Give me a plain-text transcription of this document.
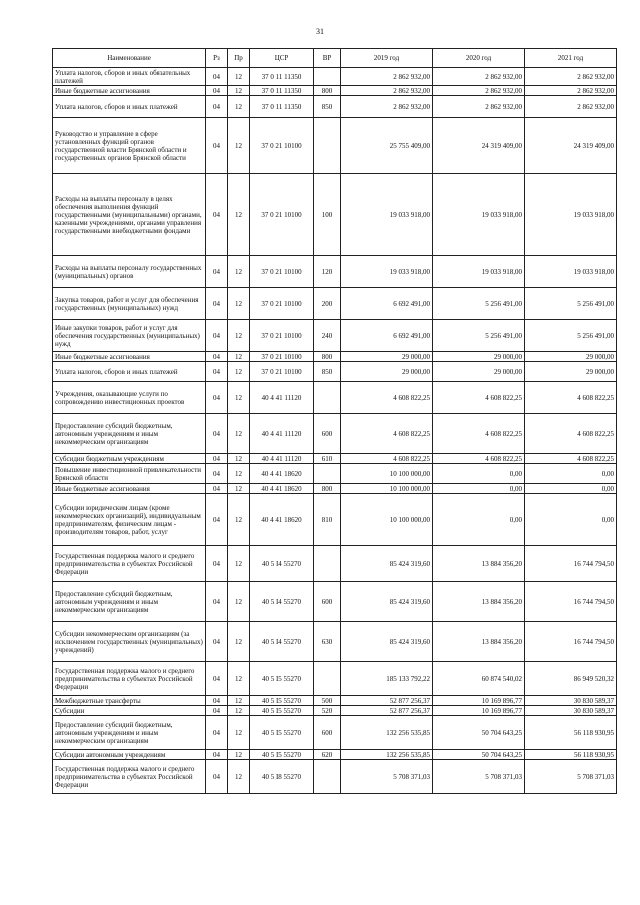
31
Наименование	Рз	Пр	ЦСР	ВР	2019 год	2020 год	2021 год
Уплата налогов, сборов и иных обязательных платежей	04	12	37 0 11 11350		2 862 932,00	2 862 932,00	2 862 932,00
Иные бюджетные ассигнования	04	12	37 0 11 11350	800	2 862 932,00	2 862 932,00	2 862 932,00
Уплата налогов, сборов и иных платежей	04	12	37 0 11 11350	850	2 862 932,00	2 862 932,00	2 862 932,00
Руководство и управление в сфере установленных функций органов государственной власти Брянской области и государственных органов Брянской области	04	12	37 0 21 10100		25 755 409,00	24 319 409,00	24 319 409,00
Расходы на выплаты персоналу в целях обеспечения выполнения функций государственными (муниципальными) органами, казенными учреждениями, органами управления государственными внебюджетными фондами	04	12	37 0 21 10100	100	19 033 918,00	19 033 918,00	19 033 918,00
Расходы на выплаты персоналу государственных (муниципальных) органов	04	12	37 0 21 10100	120	19 033 918,00	19 033 918,00	19 033 918,00
Закупка товаров, работ и услуг для обеспечения государственных (муниципальных) нужд	04	12	37 0 21 10100	200	6 692 491,00	5 256 491,00	5 256 491,00
Иные закупки товаров, работ и услуг для обеспечения государственных (муниципальных) нужд	04	12	37 0 21 10100	240	6 692 491,00	5 256 491,00	5 256 491,00
Иные бюджетные ассигнования	04	12	37 0 21 10100	800	29 000,00	29 000,00	29 000,00
Уплата налогов, сборов и иных платежей	04	12	37 0 21 10100	850	29 000,00	29 000,00	29 000,00
Учреждения, оказывающие услуги по сопровождению инвестиционных проектов	04	12	40 4 41 11120		4 608 822,25	4 608 822,25	4 608 822,25
Предоставление субсидий бюджетным, автономным учреждениям и иным некоммерческим организациям	04	12	40 4 41 11120	600	4 608 822,25	4 608 822,25	4 608 822,25
Субсидии бюджетным учреждениям	04	12	40 4 41 11120	610	4 608 822,25	4 608 822,25	4 608 822,25
Повышение инвестиционной привлекательности Брянской области	04	12	40 4 41 18620		10 100 000,00	0,00	0,00
Иные бюджетные ассигнования	04	12	40 4 41 18620	800	10 100 000,00	0,00	0,00
Субсидии юридическим лицам (кроме некоммерческих организаций), индивидуальным предпринимателям, физическим лицам - производителям товаров, работ, услуг	04	12	40 4 41 18620	810	10 100 000,00	0,00	0,00
Государственная поддержка малого и среднего предпринимательства в субъектах Российской Федерации	04	12	40 5 I4 55270		85 424 319,60	13 884 356,20	16 744 794,50
Предоставление субсидий бюджетным, автономным учреждениям и иным некоммерческим организациям	04	12	40 5 I4 55270	600	85 424 319,60	13 884 356,20	16 744 794,50
Субсидии некоммерческим организациям (за исключением государственных (муниципальных) учреждений)	04	12	40 5 I4 55270	630	85 424 319,60	13 884 356,20	16 744 794,50
Государственная поддержка малого и среднего предпринимательства в субъектах Российской Федерации	04	12	40 5 I5 55270		185 133 792,22	60 874 540,02	86 949 520,32
Межбюджетные трансферты	04	12	40 5 I5 55270	500	52 877 256,37	10 169 896,77	30 830 589,37
Субсидии	04	12	40 5 I5 55270	520	52 877 256,37	10 169 896,77	30 830 589,37
Предоставление субсидий бюджетным, автономным учреждениям и иным некоммерческим организациям	04	12	40 5 I5 55270	600	132 256 535,85	50 704 643,25	56 118 930,95
Субсидии автономным учреждениям	04	12	40 5 I5 55270	620	132 256 535,85	50 704 643,25	56 118 930,95
Государственная поддержка малого и среднего предпринимательства в субъектах Российской Федерации	04	12	40 5 I8 55270		5 708 371,03	5 708 371,03	5 708 371,03
